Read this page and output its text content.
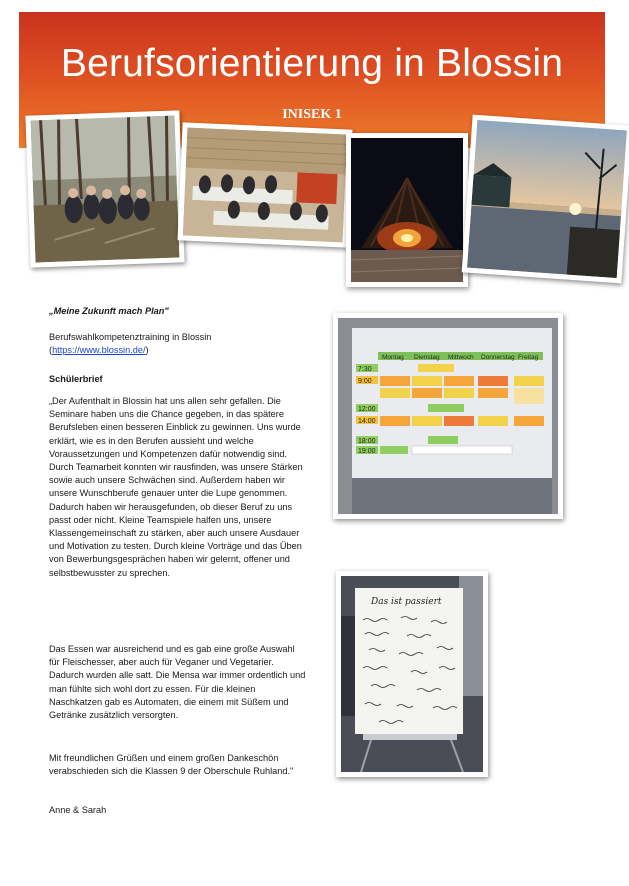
Berufsorientierung in Blossin
INISEK 1
„Meine Zukunft mach Plan"

Berufswahlkompetenztraining in Blossin

(https://www.blossin.de/)

Schülerbrief
„Der Aufenthalt in Blossin hat uns allen sehr gefallen. Die Seminare haben uns die Chance gegeben, in das spätere Berufsleben einen besseren Einblick zu gewinnen. Uns wurde erklärt, wie es in den Berufen aussieht und welche Voraussetzungen und Kompetenzen dafür notwendig sind. Durch Teamarbeit konnten wir rausfinden, was unsere Stärken sowie auch unsere Schwächen sind. Außerdem haben wir unsere Wunschberufe genauer unter die Lupe genommen. Dadurch haben wir herausgefunden, ob dieser Beruf zu uns passt oder nicht. Kleine Teamspiele halfen uns, unsere Klassengemeinschaft zu stärken, aber auch unsere Ausdauer und Motivation zu testen. Durch kleine Vorträge und das Üben von Bewerbungsgesprächen haben wir gelernt, offener und selbstbewusster zu sprechen.
Das Essen war ausreichend und es gab eine große Auswahl für Fleischesser, aber auch für Veganer und Vegetarier. Dadurch wurden alle satt. Die Mensa war immer ordentlich und man fühlte sich wohl dort zu essen. Für die kleinen Naschkatzen gab es Automaten, die einem mit Süßem und Getränke zusätzlich versorgten.
Mit freundlichen Grüßen und einem großen Dankeschön verabschieden sich die Klassen 9 der Oberschule Ruhland."
Anne & Sarah
Montag Dienstag Mittwoch Donnerstag Freitag
7:30
9:00
12:00
14:00
18:00
19:00
Das ist passiert
